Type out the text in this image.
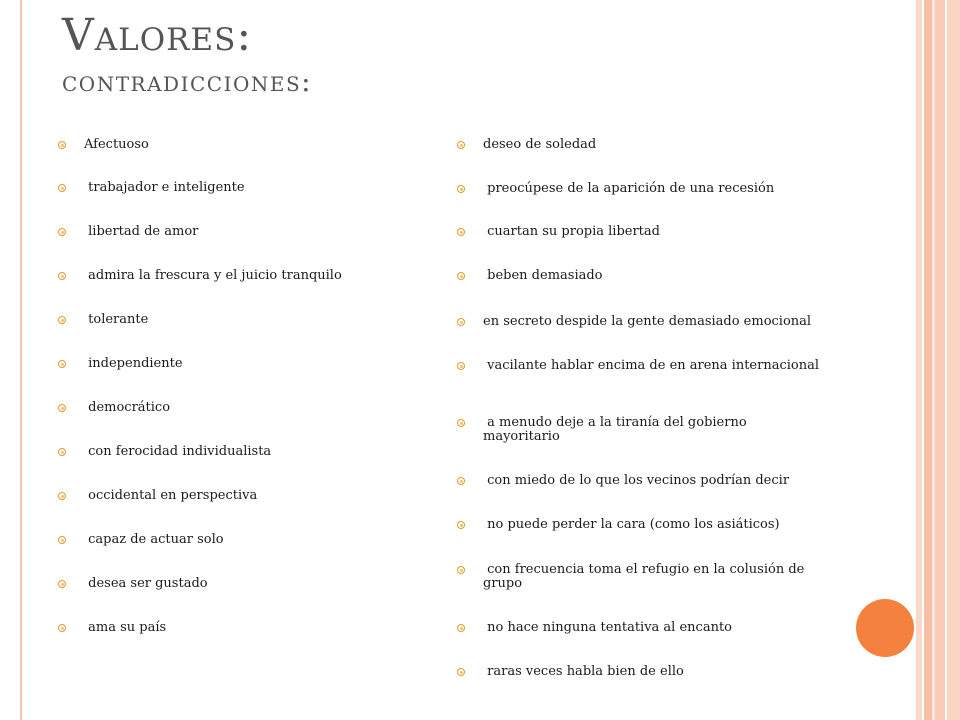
Valores:
contradicciones:
Afectuoso
trabajador e inteligente
libertad de amor
admira la frescura y el juicio tranquilo
tolerante
independiente
democrático
con ferocidad individualista
occidental en perspectiva
capaz de actuar solo
desea ser gustado
ama su país
deseo de soledad
preocúpese de la aparición de una recesión
cuartan su propia libertad
beben demasiado
en secreto despide la gente demasiado emocional
vacilante hablar encima de en arena internacional
a menudo deje a la tiranía del gobierno mayoritario
con miedo de lo que los vecinos podrían decir
no puede perder la cara (como los asiáticos)
con frecuencia toma el refugio en la colusión de grupo
no hace ninguna tentativa al encanto
raras veces habla bien de ello
